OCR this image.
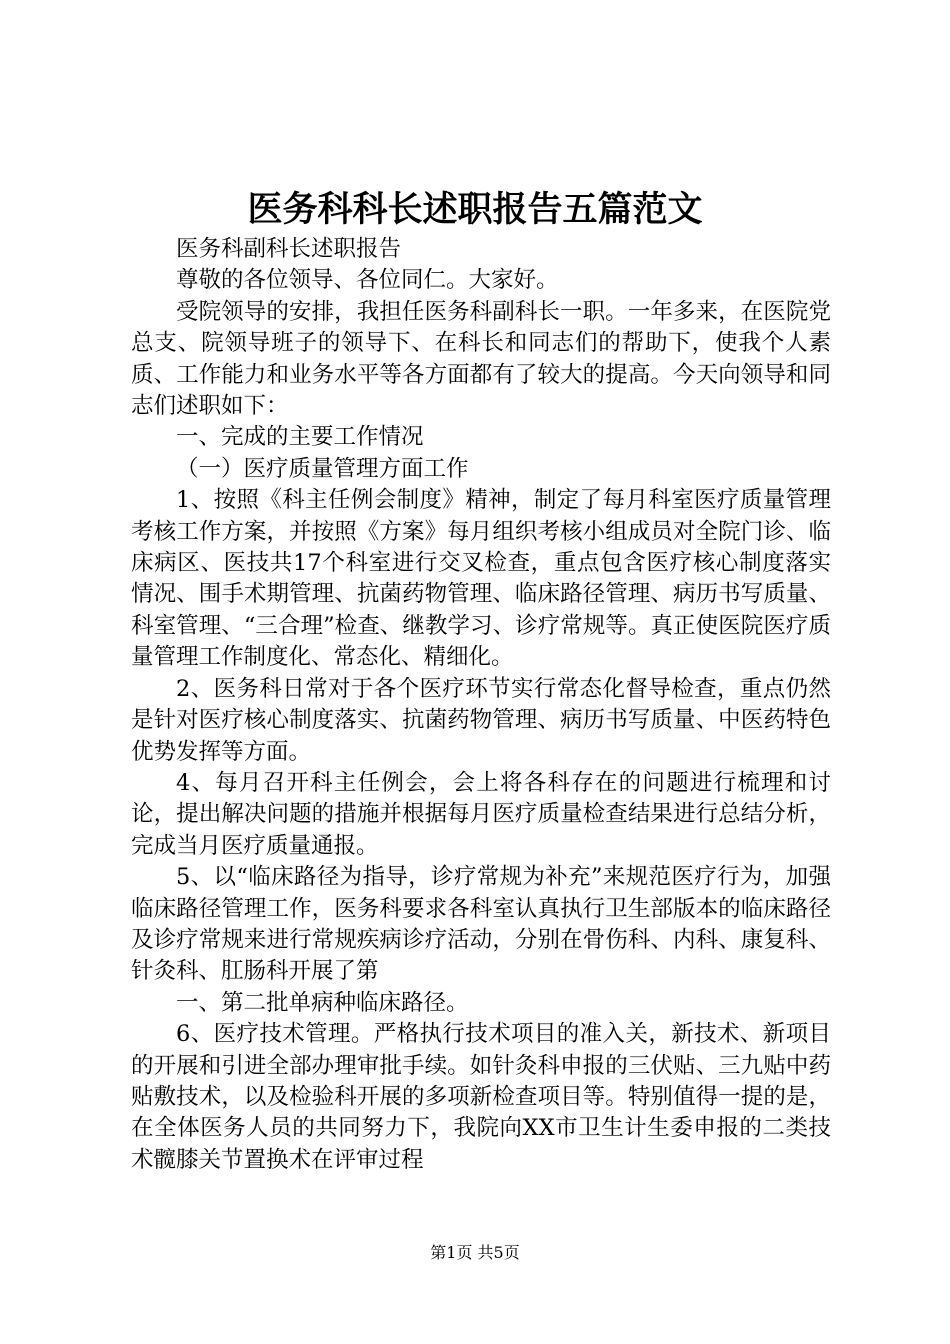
医务科科长述职报告五篇范文

医务科副科长述职报告

尊敬的各位领导、各位同仁。大家好。

受院领导的安排，我担任医务科副科长一职。一年多来，在医院党总支、院领导班子的领导下、在科长和同志们的帮助下，使我个人素质、工作能力和业务水平等各方面都有了较大的提高。今天向领导和同志们述职如下：

一、完成的主要工作情况

（一）医疗质量管理方面工作

1、按照《科主任例会制度》精神，制定了每月科室医疗质量管理考核工作方案，并按照《方案》每月组织考核小组成员对全院门诊、临床病区、医技共17个科室进行交叉检查，重点包含医疗核心制度落实情况、围手术期管理、抗菌药物管理、临床路径管理、病历书写质量、科室管理、“三合理”检查、继教学习、诊疗常规等。真正使医院医疗质量管理工作制度化、常态化、精细化。

2、医务科日常对于各个医疗环节实行常态化督导检查，重点仍然是针对医疗核心制度落实、抗菌药物管理、病历书写质量、中医药特色优势发挥等方面。

4、每月召开科主任例会，会上将各科存在的问题进行梳理和讨论，提出解决问题的措施并根据每月医疗质量检查结果进行总结分析，完成当月医疗质量通报。

5、以“临床路径为指导，诊疗常规为补充”来规范医疗行为，加强临床路径管理工作，医务科要求各科室认真执行卫生部版本的临床路径及诊疗常规来进行常规疾病诊疗活动，分别在骨伤科、内科、康复科、针灸科、肛肠科开展了第

一、第二批单病种临床路径。

6、医疗技术管理。严格执行技术项目的准入关，新技术、新项目的开展和引进全部办理审批手续。如针灸科申报的三伏贴、三九贴中药贴敷技术，以及检验科开展的多项新检查项目等。特别值得一提的是，在全体医务人员的共同努力下，我院向XX市卫生计生委申报的二类技术髋膝关节置换术在评审过程

第1页 共5页
